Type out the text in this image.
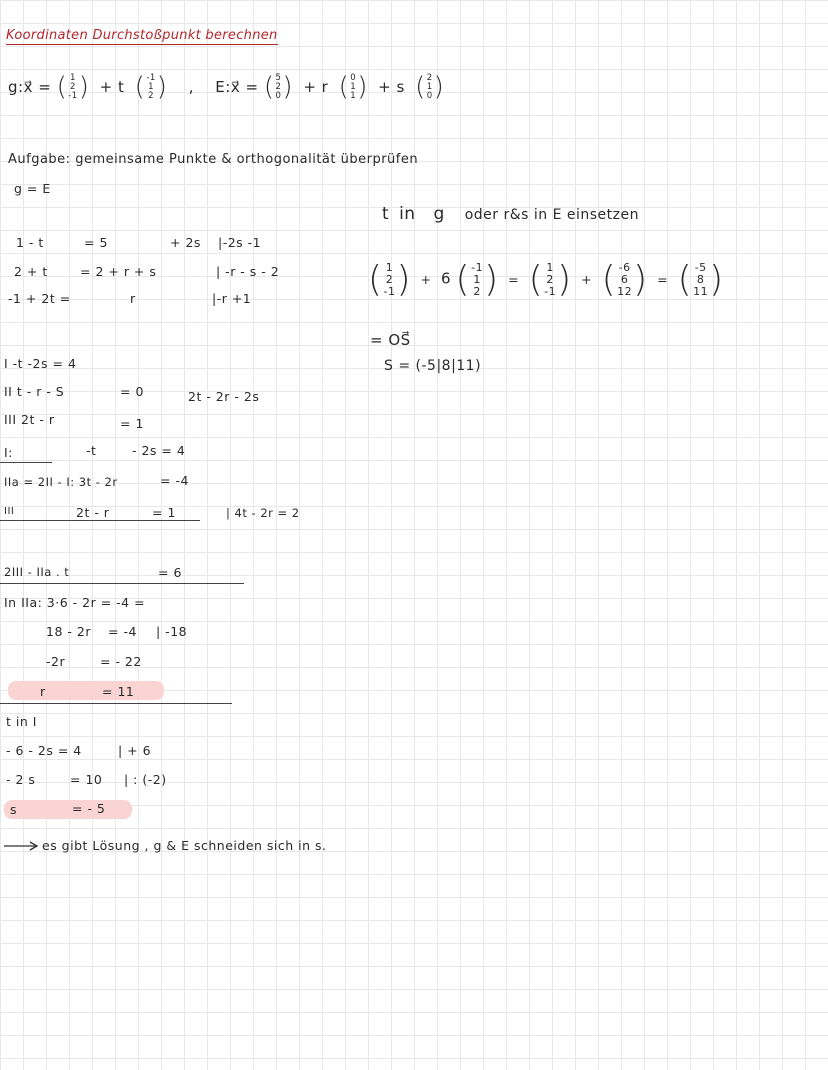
Koordinaten Durchstoßpunkt berechnen
g:x⃗ = ( 1
2
-1 ) + t ( -1
1
2 ) , E:x⃗ = ( 5
2
0 ) + r ( 0
1
1 ) + s ( 2
1
0 )
Aufgabe: gemeinsame Punkte & orthogonalität überprüfen
g = E
1 - t	= 5	+ 2s |-2s -1
2 + t	= 2 + r + s	| -r - s - 2
-1 + 2t =	r	|-r +1
I -t -2s = 4
II t - r - S	= 0	2t - 2r - 2s
III 2t - r	= 1
I:	-t	- 2s = 4
IIa = 2II - I: 3t - 2r	= -4
III	2t - r	= 1	| 4t - 2r = 2
2III - IIa . t	= 6
In IIa: 3·6 - 2r = -4 =
18 - 2r = -4 | -18
-2r	= - 22
r	= 11
t in I
- 6 - 2s = 4	| + 6
- 2 s	= 10 | : (-2)
s	= - 5
es gibt Lösung , g & E schneiden sich in s.
t in g oder r&s in E einsetzen
( 1
2
-1 ) + 6 ( -1
1
2 ) = ( 1
2
-1 ) + ( -6
6
12 ) = ( -5
8
11 )
= OS⃗
S = (-5|8|11)
